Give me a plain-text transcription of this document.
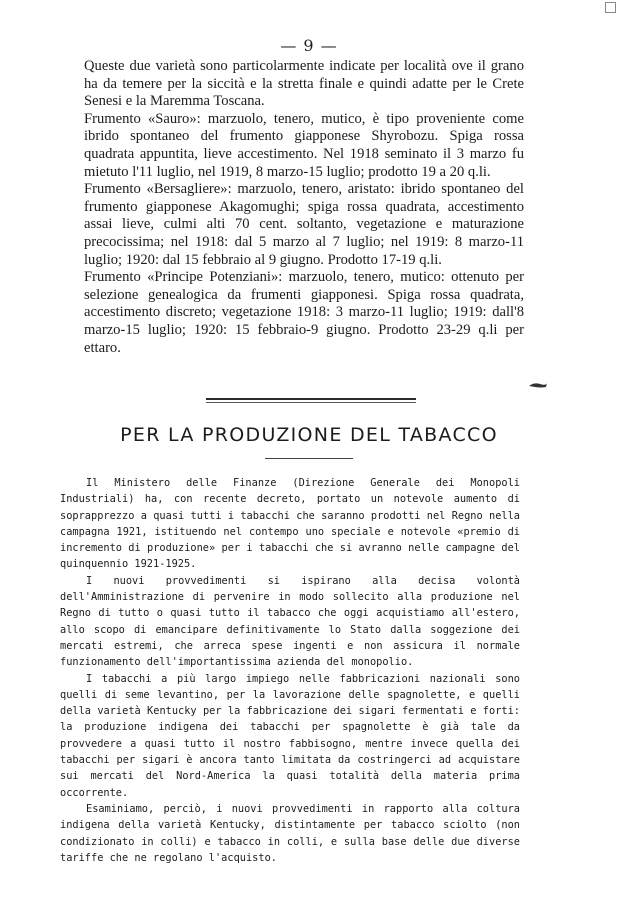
— 9 —

Queste due varietà sono particolarmente indicate per località ove il grano ha da temere per la siccità e la stretta finale e quindi adatte per le Crete Senesi e la Maremma Toscana.

Frumento «Sauro»: marzuolo, tenero, mutico, è tipo proveniente come ibrido spontaneo del frumento giapponese Shyrobozu. Spiga rossa quadrata appuntita, lieve accestimento. Nel 1918 seminato il 3 marzo fu mietuto l'11 luglio, nel 1919, 8 marzo-15 luglio; prodotto 19 a 20 q.li.

Frumento «Bersagliere»: marzuolo, tenero, aristato: ibrido spontaneo del frumento giapponese Akagomughi; spiga rossa quadrata, accestimento assai lieve, culmi alti 70 cent. soltanto, vegetazione e maturazione precocissima; nel 1918: dal 5 marzo al 7 luglio; nel 1919: 8 marzo-11 luglio; 1920: dal 15 febbraio al 9 giugno. Prodotto 17-19 q.li.

Frumento «Principe Potenziani»: marzuolo, tenero, mutico: ottenuto per selezione genealogica da frumenti giapponesi. Spiga rossa quadrata, accestimento discreto; vegetazione 1918: 3 marzo-11 luglio; 1919: dall'8 marzo-15 luglio; 1920: 15 febbraio-9 giugno. Prodotto 23-29 q.li per ettaro.

PER LA PRODUZIONE DEL TABACCO

Il Ministero delle Finanze (Direzione Generale dei Monopoli Industriali) ha, con recente decreto, portato un notevole aumento di soprapprezzo a quasi tutti i tabacchi che saranno prodotti nel Regno nella campagna 1921, istituendo nel contempo uno speciale e notevole «premio di incremento di produzione» per i tabacchi che si avranno nelle campagne del quinquennio 1921-1925.

I nuovi provvedimenti si ispirano alla decisa volontà dell'Amministrazione di pervenire in modo sollecito alla produzione nel Regno di tutto o quasi tutto il tabacco che oggi acquistiamo all'estero, allo scopo di emancipare definitivamente lo Stato dalla soggezione dei mercati estremi, che arreca spese ingenti e non assicura il normale funzionamento dell'importantissima azienda del monopolio.

I tabacchi a più largo impiego nelle fabbricazioni nazionali sono quelli di seme levantino, per la lavorazione delle spagnolette, e quelli della varietà Kentucky per la fabbricazione dei sigari fermentati e forti: la produzione indigena dei tabacchi per spagnolette è già tale da provvedere a quasi tutto il nostro fabbisogno, mentre invece quella dei tabacchi per sigari è ancora tanto limitata da costringerci ad acquistare sui mercati del Nord-America la quasi totalità della materia prima occorrente.

Esaminiamo, perciò, i nuovi provvedimenti in rapporto alla coltura indigena della varietà Kentucky, distintamente per tabacco sciolto (non condizionato in colli) e tabacco in colli, e sulla base delle due diverse tariffe che ne regolano l'acquisto.
